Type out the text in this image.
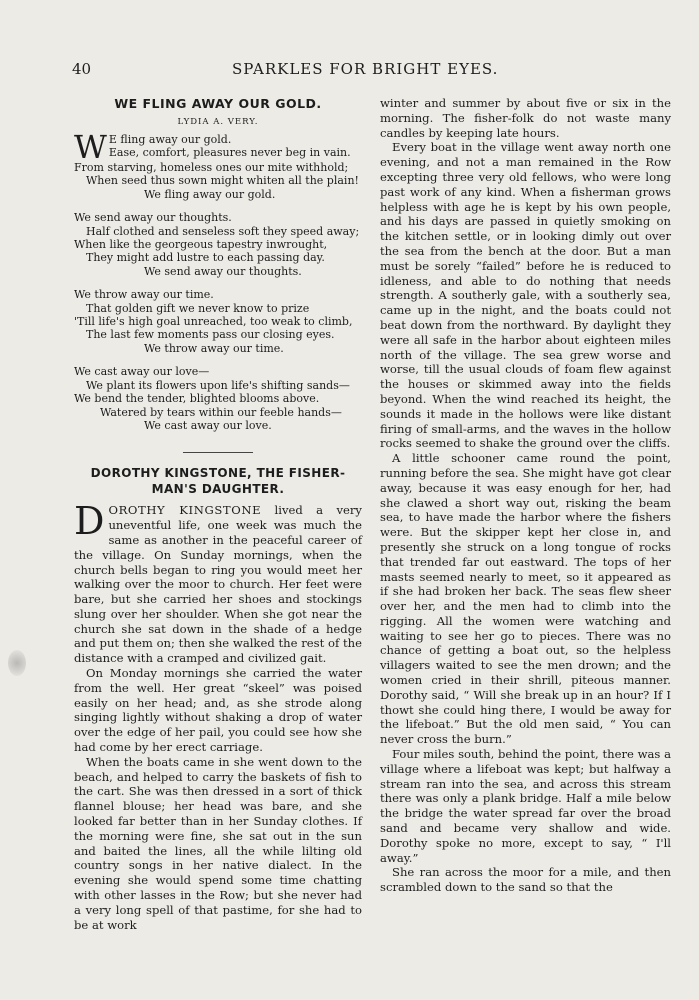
40	SPARKLES FOR BRIGHT EYES.
WE FLING AWAY OUR GOLD.
LYDIA A. VERY.
W E fling away our gold.
Ease, comfort, pleasures never beg in vain.
From starving, homeless ones our mite withhold;
When seed thus sown might whiten all the plain!
We fling away our gold.
We send away our thoughts.
Half clothed and senseless soft they speed away;
When like the georgeous tapestry inwrought,
They might add lustre to each passing day.
We send away our thoughts.
We throw away our time.
That golden gift we never know to prize
'Till life's high goal unreached, too weak to climb,
The last few moments pass our closing eyes.
We throw away our time.
We cast away our love—
We plant its flowers upon life's shifting sands—
We bend the tender, blighted blooms above.
Watered by tears within our feeble hands—
We cast away our love.
DOROTHY KINGSTONE, THE FISHER-
MAN'S DAUGHTER.

DOROTHY KINGSTONE lived a very uneventful life, one week was much the same as another in the peaceful career of the village. On Sunday mornings, when the church bells began to ring you would meet her walking over the moor to church. Her feet were bare, but she carried her shoes and stockings slung over her shoulder. When she got near the church she sat down in the shade of a hedge and put them on; then she walked the rest of the distance with a cramped and civilized gait.

On Monday mornings she carried the water from the well. Her great “skeel” was poised easily on her head; and, as she strode along singing lightly without shaking a drop of water over the edge of her pail, you could see how she had come by her erect carriage.

When the boats came in she went down to the beach, and helped to carry the baskets of fish to the cart. She was then dressed in a sort of thick flannel blouse; her head was bare, and she looked far better than in her Sunday clothes. If the morning were fine, she sat out in the sun and baited the lines, all the while lilting old country songs in her native dialect. In the evening she would spend some time chatting with other lasses in the Row; but she never had a very long spell of that pastime, for she had to be at work

winter and summer by about five or six in the morning. The fisher-folk do not waste many candles by keeping late hours.

Every boat in the village went away north one evening, and not a man remained in the Row excepting three very old fellows, who were long past work of any kind. When a fisherman grows helpless with age he is kept by his own people, and his days are passed in quietly smoking on the kitchen settle, or in looking dimly out over the sea from the bench at the door. But a man must be sorely “failed” before he is reduced to idleness, and able to do nothing that needs strength. A southerly gale, with a southerly sea, came up in the night, and the boats could not beat down from the northward. By daylight they were all safe in the harbor about eighteen miles north of the village. The sea grew worse and worse, till the usual clouds of foam flew against the houses or skimmed away into the fields beyond. When the wind reached its height, the sounds it made in the hollows were like distant firing of small-arms, and the waves in the hollow rocks seemed to shake the ground over the cliffs.

A little schooner came round the point, running before the sea. She might have got clear away, because it was easy enough for her, had she clawed a short way out, risking the beam sea, to have made the harbor where the fishers were. But the skipper kept her close in, and presently she struck on a long tongue of rocks that trended far out eastward. The tops of her masts seemed nearly to meet, so it appeared as if she had broken her back. The seas flew sheer over her, and the men had to climb into the rigging. All the women were watching and waiting to see her go to pieces. There was no chance of getting a boat out, so the helpless villagers waited to see the men drown; and the women cried in their shrill, piteous manner. Dorothy said, “ Will she break up in an hour? If I thowt she could hing there, I would be away for the lifeboat.” But the old men said, “ You can never cross the burn.”

Four miles south, behind the point, there was a village where a lifeboat was kept; but halfway a stream ran into the sea, and across this stream there was only a plank bridge. Half a mile below the bridge the water spread far over the broad sand and became very shallow and wide. Dorothy spoke no more, except to say, “ I'll away.”

She ran across the moor for a mile, and then scrambled down to the sand so that the
